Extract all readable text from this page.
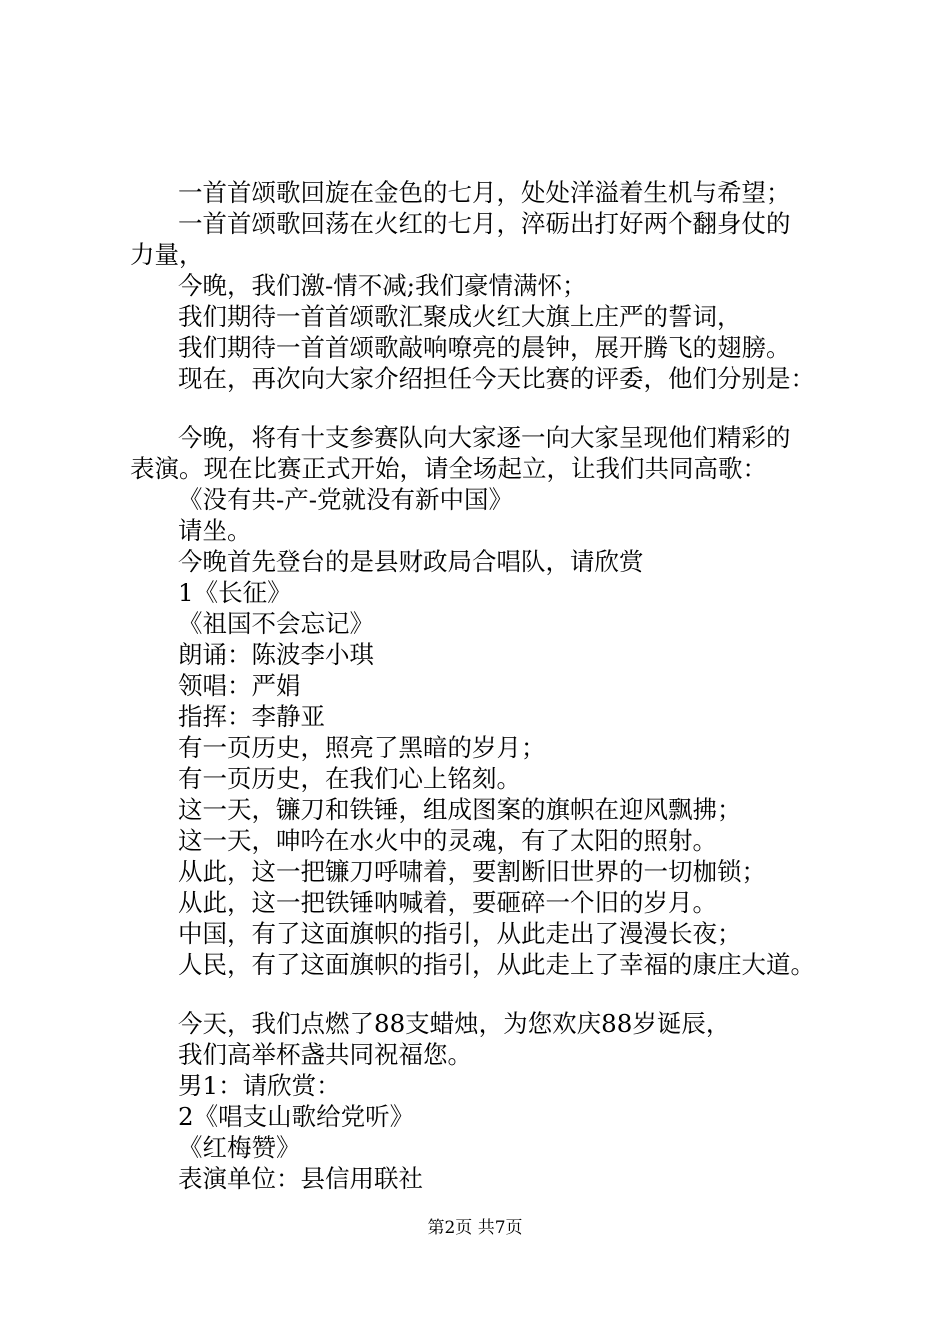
一首首颂歌回旋在金色的七月，处处洋溢着生机与希望；
一首首颂歌回荡在火红的七月，淬砺出打好两个翻身仗的
力量，
今晚，我们激-情不减;我们豪情满怀；
我们期待一首首颂歌汇聚成火红大旗上庄严的誓词，
我们期待一首首颂歌敲响嘹亮的晨钟，展开腾飞的翅膀。
现在，再次向大家介绍担任今天比赛的评委，他们分别是：
今晚，将有十支参赛队向大家逐一向大家呈现他们精彩的
表演。现在比赛正式开始，请全场起立，让我们共同高歌：
《没有共-产-党就没有新中国》
请坐。
今晚首先登台的是县财政局合唱队，请欣赏
1《长征》
《祖国不会忘记》
朗诵：陈波李小琪
领唱：严娟
指挥：李静亚
有一页历史，照亮了黑暗的岁月；
有一页历史，在我们心上铭刻。
这一天，镰刀和铁锤，组成图案的旗帜在迎风飘拂；
这一天，呻吟在水火中的灵魂，有了太阳的照射。
从此，这一把镰刀呼啸着，要割断旧世界的一切枷锁；
从此，这一把铁锤呐喊着，要砸碎一个旧的岁月。
中国，有了这面旗帜的指引，从此走出了漫漫长夜；
人民，有了这面旗帜的指引，从此走上了幸福的康庄大道。
今天，我们点燃了88支蜡烛，为您欢庆88岁诞辰，
我们高举杯盏共同祝福您。
男1：请欣赏：
2《唱支山歌给党听》
《红梅赞》
表演单位：县信用联社
第2页 共7页
